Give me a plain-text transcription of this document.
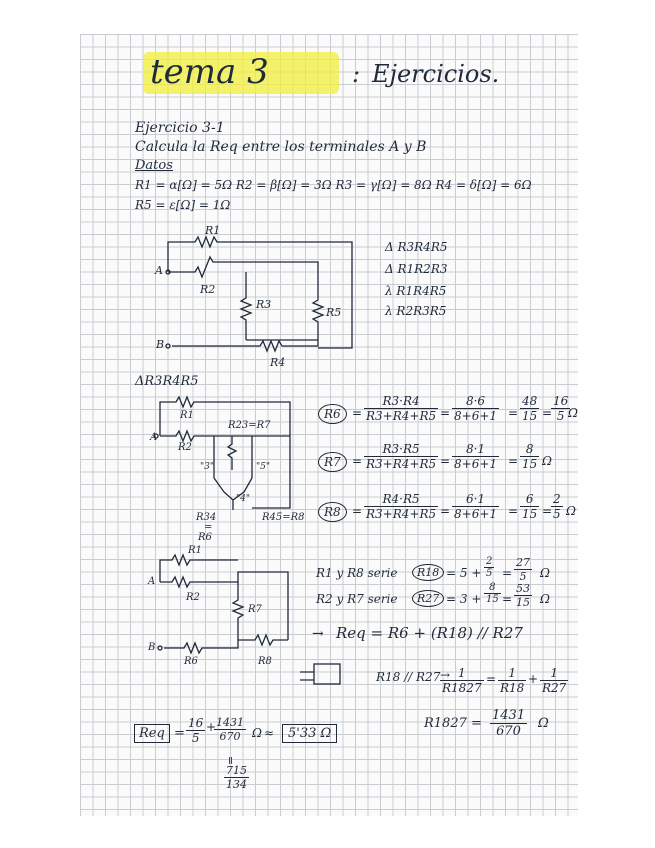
tema 3	: Ejercicios.
Ejercicio 3-1
Calcula la Req entre los terminales A y B
Datos
R1 = α[Ω] = 5Ω R2 = β[Ω] = 3Ω R3 = γ[Ω] = 8Ω R4 = δ[Ω] = 6Ω
R5 = ε[Ω] = 1Ω
R1
A
R2
R3
R5
B
R4
Δ R3R4R5
Δ R1R2R3
λ R1R4R5
λ R2R3R5
ΔR3R4R5
R1
A
R2
R23=R7
"3"	"5"
"4"
R34
=
R6
R45=R8
$R6 = \frac{R3\cdot R4}{R3+R4+R5} = \frac{8\cdot 6}{8+6+1} = \frac{48}{15}$ =
$\frac{16}{5}$
Ω
$R7 = \frac{R3\cdot R5}{R3+R4+R5} = \frac{8\cdot 1}{8+6+1} = \frac{8}{15}$ Ω
$R8 = \frac{R4\cdot R5}{R3+R4+R5} = \frac{6\cdot 1}{8+6+1} = \frac{6}{15}$ =
$\frac{2}{5}$ Ω
R1
A
R2
R7
B
R6	R8
R1 y R8 serie	$R18 = 5 + \frac{2}{5} = \frac{27}{5}$ Ω
R2 y R7 serie	$R27 = 3 + \frac{8}{15} = \frac{53}{15}$ Ω
→ Req = R6 + (R18) // R27
R18 // R27 →
$\frac{1}{R1827} = \frac{1}{R18} + \frac{1}{R27}$
$R1827 = \frac{1431}{670}$ Ω
Req = $\frac{16}{5}$ +
$\frac{1431}{670}$ Ω ≈	5'33 Ω
=
$\frac{715}{134}$
